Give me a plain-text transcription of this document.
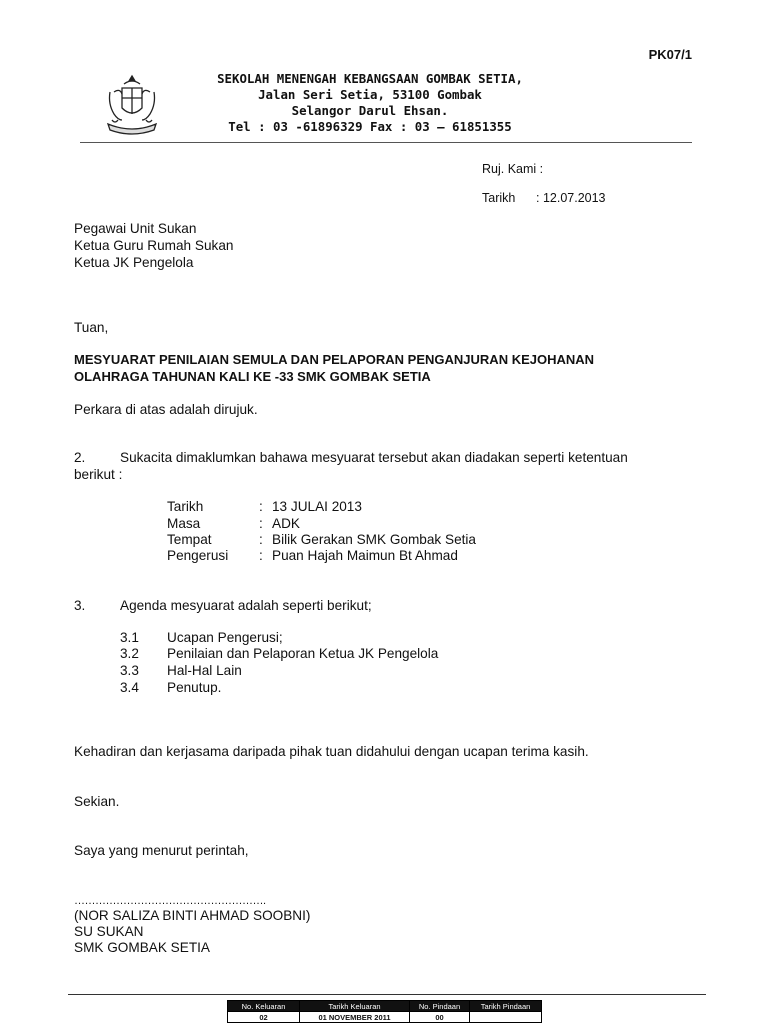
PK07/1
SEKOLAH MENENGAH KEBANGSAAN GOMBAK SETIA,
Jalan Seri Setia, 53100 Gombak
Selangor Darul Ehsan.
Tel : 03 -61896329 Fax : 03 – 61851355
Ruj. Kami :
Tarikh : 12.07.2013
Pegawai Unit Sukan
Ketua Guru Rumah Sukan
Ketua JK Pengelola
Tuan,
MESYUARAT PENILAIAN SEMULA DAN PELAPORAN PENGANJURAN KEJOHANAN
OLAHRAGA TAHUNAN KALI KE -33 SMK GOMBAK SETIA
Perkara di atas adalah dirujuk.
2.	Sukacita dimaklumkan bahawa mesyuarat tersebut akan diadakan seperti ketentuan
berikut :
Tarikh	: 13 JULAI 2013
Masa	: ADK
Tempat	: Bilik Gerakan SMK Gombak Setia
Pengerusi : Puan Hajah Maimun Bt Ahmad
3.	Agenda mesyuarat adalah seperti berikut;
3.1 Ucapan Pengerusi;
3.2 Penilaian dan Pelaporan Ketua JK Pengelola
3.3 Hal-Hal Lain
3.4 Penutup.
Kehadiran dan kerjasama daripada pihak tuan didahului dengan ucapan terima kasih.
Sekian.
Saya yang menurut perintah,
……………………………………………….
(NOR SALIZA BINTI AHMAD SOOBNI)
SU SUKAN
SMK GOMBAK SETIA
No. Keluaran	Tarikh Keluaran	No. Pindaan	Tarikh Pindaan
02	01 NOVEMBER 2011	00	
